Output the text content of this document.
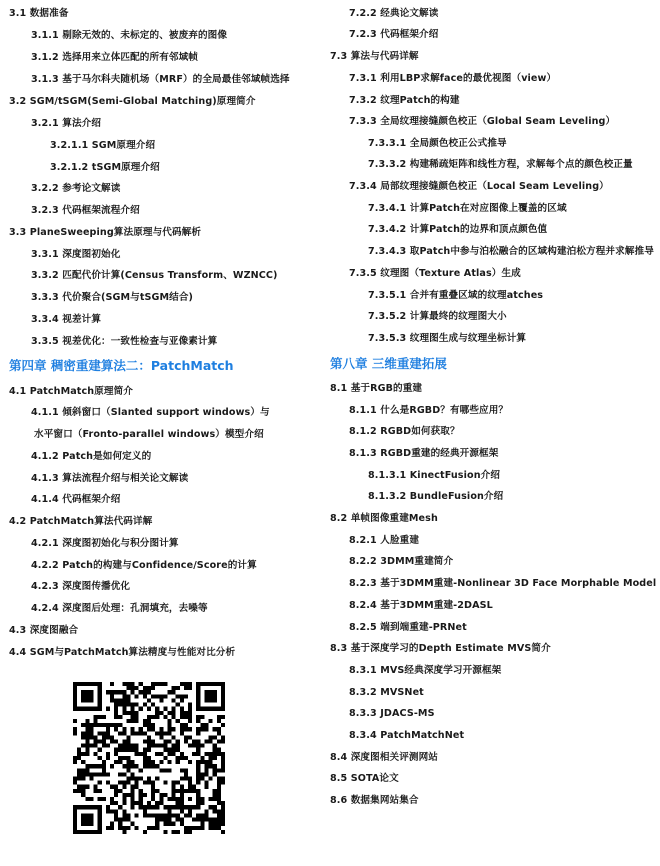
3.1 数据准备
3.1.1 剔除无效的、未标定的、被废弃的图像
3.1.2 选择用来立体匹配的所有邻域帧
3.1.3 基于马尔科夫随机场（MRF）的全局最佳邻域帧选择
3.2 SGM/tSGM(Semi-Global Matching)原理简介
3.2.1 算法介绍
3.2.1.1 SGM原理介绍
3.2.1.2 tSGM原理介绍
3.2.2 参考论文解读
3.2.3 代码框架流程介绍
3.3 PlaneSweeping算法原理与代码解析
3.3.1 深度图初始化
3.3.2 匹配代价计算(Census Transform、WZNCC)
3.3.3 代价聚合(SGM与tSGM结合)
3.3.4 视差计算
3.3.5 视差优化：一致性检查与亚像素计算
第四章 稠密重建算法二：PatchMatch
4.1 PatchMatch原理简介
4.1.1 倾斜窗口（Slanted support windows）与
水平窗口（Fronto-parallel windows）模型介绍
4.1.2 Patch是如何定义的
4.1.3 算法流程介绍与相关论文解读
4.1.4 代码框架介绍
4.2 PatchMatch算法代码详解
4.2.1 深度图初始化与积分图计算
4.2.2 Patch的构建与Confidence/Score的计算
4.2.3 深度图传播优化
4.2.4 深度图后处理：孔洞填充，去噪等
4.3 深度图融合
4.4 SGM与PatchMatch算法精度与性能对比分析
7.2.2 经典论文解读
7.2.3 代码框架介绍
7.3 算法与代码详解
7.3.1 利用LBP求解face的最优视图（view）
7.3.2 纹理Patch的构建
7.3.3 全局纹理接缝颜色校正（Global Seam Leveling）
7.3.3.1 全局颜色校正公式推导
7.3.3.2 构建稀疏矩阵和线性方程，求解每个点的颜色校正量
7.3.4 局部纹理接缝颜色校正（Local Seam Leveling）
7.3.4.1 计算Patch在对应图像上覆盖的区域
7.3.4.2 计算Patch的边界和顶点颜色值
7.3.4.3 取Patch中参与泊松融合的区域构建泊松方程并求解推导
7.3.5 纹理图（Texture Atlas）生成
7.3.5.1 合并有重叠区域的纹理atches
7.3.5.2 计算最终的纹理图大小
7.3.5.3 纹理图生成与纹理坐标计算
第八章 三维重建拓展
8.1 基于RGB的重建
8.1.1 什么是RGBD？有哪些应用？
8.1.2 RGBD如何获取？
8.1.3 RGBD重建的经典开源框架
8.1.3.1 KinectFusion介绍
8.1.3.2 BundleFusion介绍
8.2 单帧图像重建Mesh
8.2.1 人脸重建
8.2.2 3DMM重建简介
8.2.3 基于3DMM重建-Nonlinear 3D Face Morphable Model
8.2.4 基于3DMM重建-2DASL
8.2.5 端到端重建-PRNet
8.3 基于深度学习的Depth Estimate MVS简介
8.3.1 MVS经典深度学习开源框架
8.3.2 MVSNet
8.3.3 JDACS-MS
8.3.4 PatchMatchNet
8.4 深度图相关评测网站
8.5 SOTA论文
8.6 数据集网站集合
